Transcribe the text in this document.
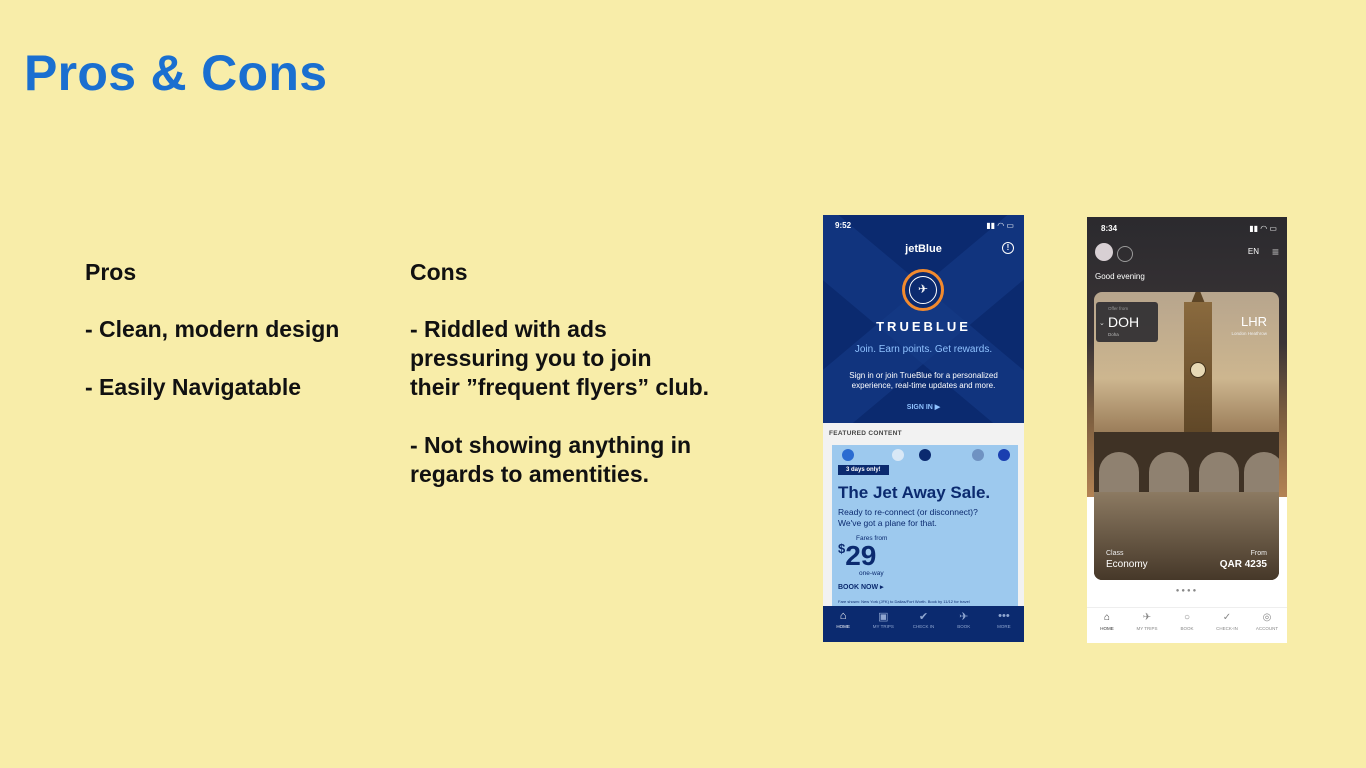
Pros & Cons

Pros

- Clean, modern design

- Easily Navigatable

Cons

- Riddled with ads
pressuring you to join
their ”frequent flyers” club.

- Not showing anything in
regards to amentities.

9:52	▮▮ ◠ ▭
jetBlue	!
✈
TRUEBLUE
Join. Earn points. Get rewards.
Sign in or join TrueBlue for a personalized experience, real-time updates and more.
SIGN IN ▶
FEATURED CONTENT
3 days only!
The Jet Away Sale.
Ready to re-connect (or disconnect)?
We've got a plane for that.
Fares from
$29
one-way
BOOK NOW ▸
Fare shown: New York (JFK) to Dallas/Fort Worth. Book by 11/12 for travel
⌂
HOME
▣
MY TRIPS
✔
CHECK IN
✈
BOOK
•••
MORE
8:34	▮▮ ◠ ▭
EN ≡
Good evening
Offer from
⌄ DOH
Doha
LHR
London Heathrow
Class
Economy
From
QAR 4235
●●●●
⌂
HOME
✈
MY TRIPS
○
BOOK
✓
CHECK-IN
◎
ACCOUNT
